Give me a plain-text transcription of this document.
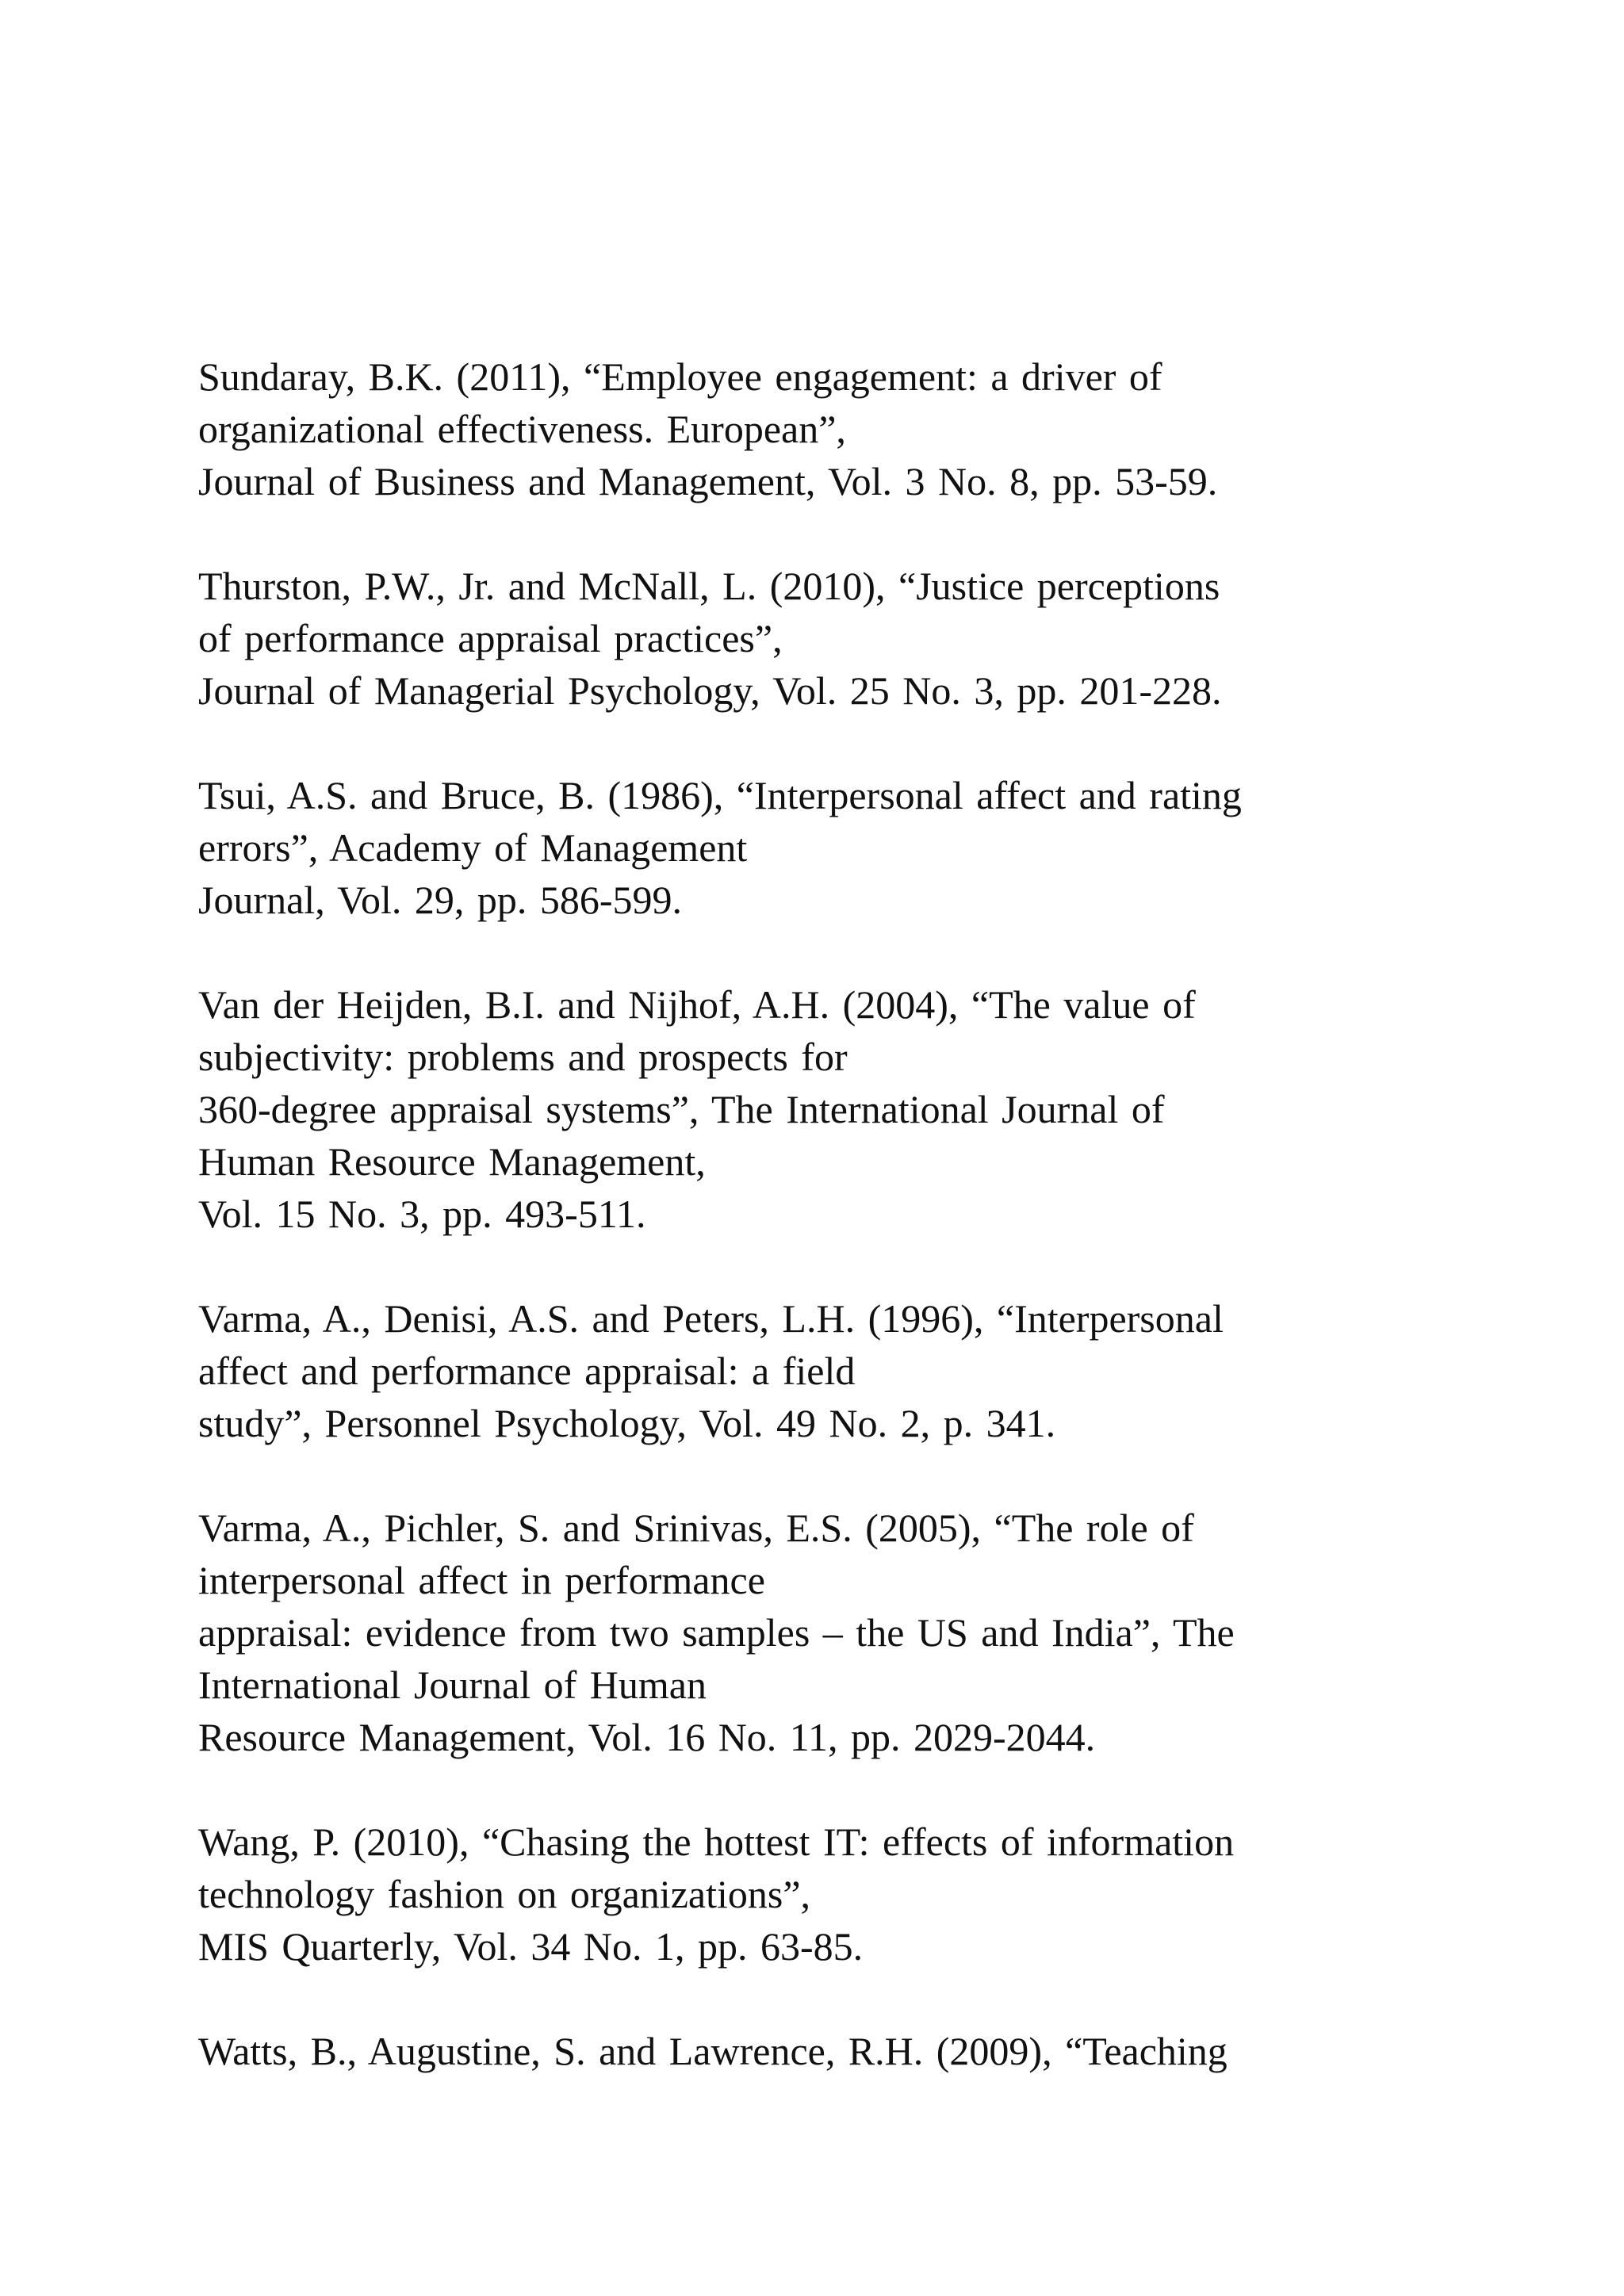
Sundaray, B.K. (2011), “Employee engagement: a driver of
organizational effectiveness. European”,
Journal of Business and Management, Vol. 3 No. 8, pp. 53-59.
Thurston, P.W., Jr. and McNall, L. (2010), “Justice perceptions
of performance appraisal practices”,
Journal of Managerial Psychology, Vol. 25 No. 3, pp. 201-228.
Tsui, A.S. and Bruce, B. (1986), “Interpersonal affect and rating
errors”, Academy of Management
Journal, Vol. 29, pp. 586-599.
Van der Heijden, B.I. and Nijhof, A.H. (2004), “The value of
subjectivity: problems and prospects for
360-degree appraisal systems”, The International Journal of
Human Resource Management,
Vol. 15 No. 3, pp. 493-511.
Varma, A., Denisi, A.S. and Peters, L.H. (1996), “Interpersonal
affect and performance appraisal: a field
study”, Personnel Psychology, Vol. 49 No. 2, p. 341.
Varma, A., Pichler, S. and Srinivas, E.S. (2005), “The role of
interpersonal affect in performance
appraisal: evidence from two samples – the US and India”, The
International Journal of Human
Resource Management, Vol. 16 No. 11, pp. 2029-2044.
Wang, P. (2010), “Chasing the hottest IT: effects of information
technology fashion on organizations”,
MIS Quarterly, Vol. 34 No. 1, pp. 63-85.
Watts, B., Augustine, S. and Lawrence, R.H. (2009), “Teaching
